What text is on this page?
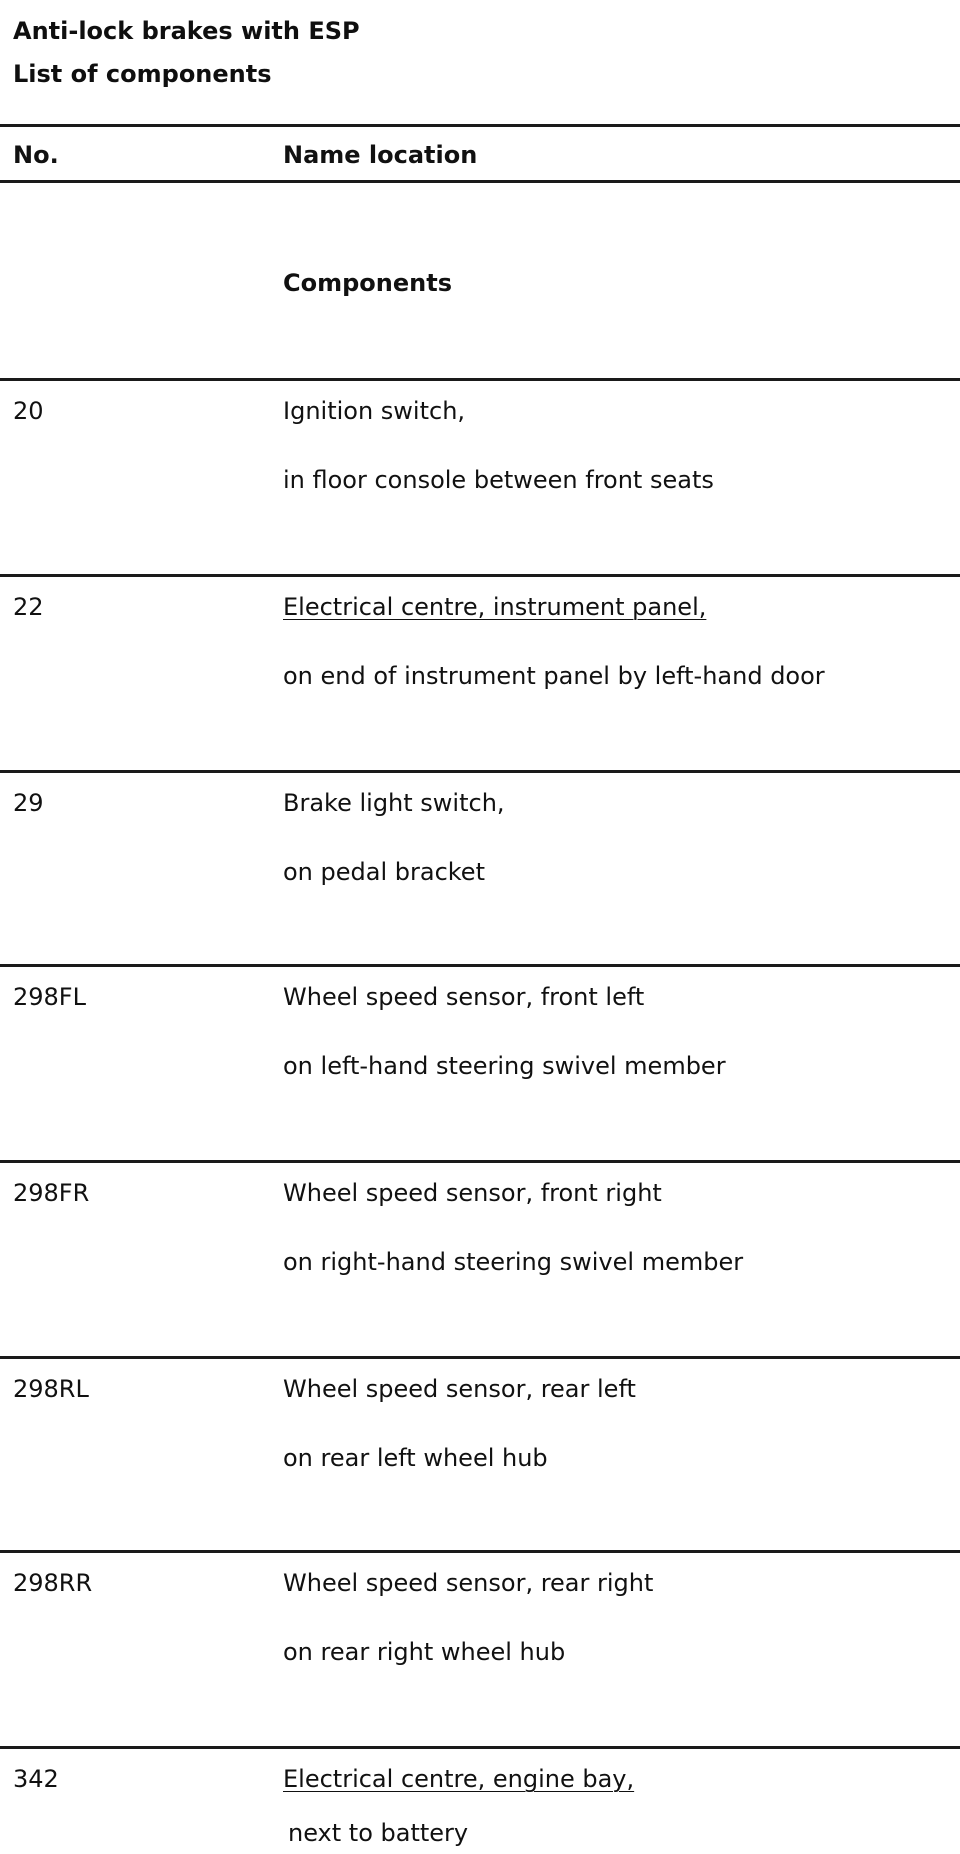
Anti-lock brakes with ESP
List of components
No.	Name location
Components
20	Ignition switch,
in floor console between front seats
22	Electrical centre, instrument panel,
on end of instrument panel by left-hand door
29	Brake light switch,
on pedal bracket
298FL	Wheel speed sensor, front left
on left-hand steering swivel member
298FR	Wheel speed sensor, front right
on right-hand steering swivel member
298RL	Wheel speed sensor, rear left
on rear left wheel hub
298RR	Wheel speed sensor, rear right
on rear right wheel hub
342	Electrical centre, engine bay,
next to battery
